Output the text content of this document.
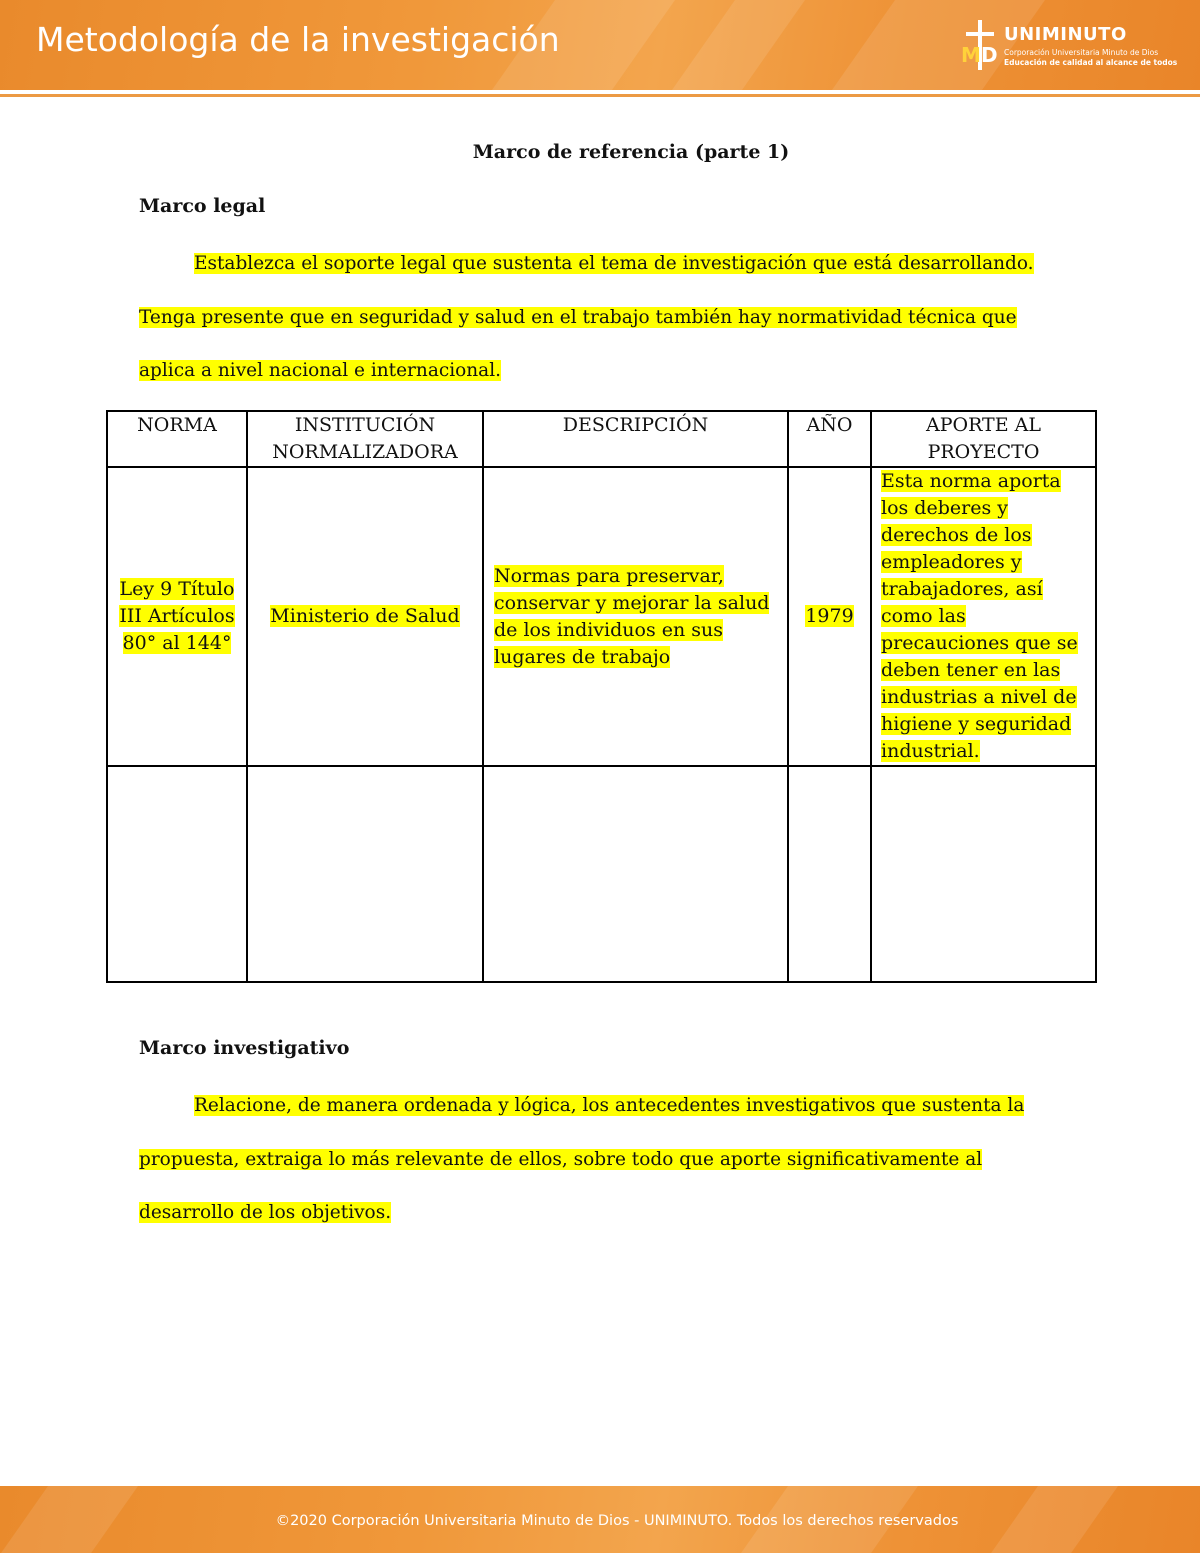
Metodología de la investigación	M D
UNIMINUTO
Corporación Universitaria Minuto de Dios
Educación de calidad al alcance de todos
Marco de referencia (parte 1)
Marco legal
Establezca el soporte legal que sustenta el tema de investigación que está desarrollando.
Tenga presente que en seguridad y salud en el trabajo también hay normatividad técnica que
aplica a nivel nacional e internacional.
NORMA	INSTITUCIÓN NORMALIZADORA	DESCRIPCIÓN	AÑO	APORTE AL PROYECTO
Ley 9 Título III Artículos 80° al 144°	Ministerio de Salud	Normas para preservar, conservar y mejorar la salud de los individuos en sus lugares de trabajo	1979	Esta norma aporta los deberes y derechos de los empleadores y trabajadores, así como las precauciones que se deben tener en las industrias a nivel de higiene y seguridad industrial.

Marco investigativo
Relacione, de manera ordenada y lógica, los antecedentes investigativos que sustenta la
propuesta, extraiga lo más relevante de ellos, sobre todo que aporte significativamente al
desarrollo de los objetivos.
©2020 Corporación Universitaria Minuto de Dios - UNIMINUTO. Todos los derechos reservados
